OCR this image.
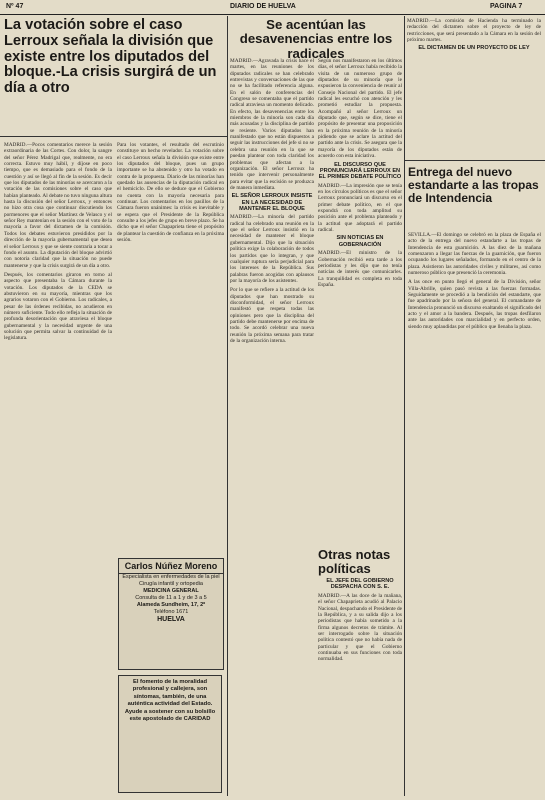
Nº 47	DIARIO DE HUELVA	PAGINA 7
La votación sobre el caso Lerroux señala la división que existe entre los diputados del bloque.-La crisis surgirá de un día a otro

MADRID.—Pocos comentarios merece la sesión extraordinaria de las Cortes. Con dolor, la sangre del señor Pérez Madrigal que, realmente, no era correcta. Estuvo muy hábil, y díjose en poco tiempo, que es demasiado para el fondo de la cuestión y así se llegó al fin de la sesión. Es decir que los diputados de las minorías se acercaron a la votación de las comisiones sobre el caso que habían planteado. Al debate no tuvo ninguna altura hasta la discusión del señor Lerroux, y entonces no hizo otra cosa que continuar discutiendo los pormenores que el señor Martínez de Velasco y el señor Rey mantenían en la sesión con el voto de la mayoría a favor del dictamen de la comisión. Todos los debates estuvieron presididos por la dirección de la mayoría gubernamental que desea el señor Lerroux y que se siente contraria a tocar a fondo el asunto. La diputación del bloque advirtió con notoria claridad que la situación no puede mantenerse y que la crisis surgirá de un día a otro.

Después, los comentarios giraron en torno al aspecto que presentaba la Cámara durante la votación. Los diputados de la CEDA se abstuvieron en su mayoría, mientras que los agrarios votaron con el Gobierno. Los radicales, a pesar de las órdenes recibidas, no acudieron en número suficiente. Todo ello refleja la situación de profunda desorientación que atraviesa el bloque gubernamental y la necesidad urgente de una solución que permita salvar la continuidad de la legislatura.

Para los votantes, el resultado del escrutinio constituye un hecho revelador. La votación sobre el caso Lerroux señala la división que existe entre los diputados del bloque, pues un grupo importante se ha abstenido y otro ha votado en contra de la propuesta. Diario de las minorías han quedado las ausencias de la diputación radical en el hemiciclo. De ello se deduce que el Gobierno no cuenta con la mayoría necesaria para continuar. Los comentarios en los pasillos de la Cámara fueron unánimes: la crisis es inevitable y se espera que el Presidente de la República consulte a los jefes de grupo en breve plazo. Se ha dicho que el señor Chapaprieta tiene el propósito de plantear la cuestión de confianza en la próxima sesión.

Carlos Núñez Moreno
Especialista en enfermedades de la piel
Cirugía infantil y ortopedia
MEDICINA GENERAL
Consulta de 11 a 1 y de 3 a 5
Alameda Sundheim, 17, 2º
Teléfono 1671
HUELVA
El fomento de la moralidad profesional y callejera, son síntomas, también, de una auténtica actividad del Estado. Ayude a sostener con su bolsillo este apostolado de CARIDAD
Se acentúan las desavenencias entre los radicales

MADRID.—Agravada la crisis hace el martes, en las reuniones de los diputados radicales se han celebrado entrevistas y conversaciones de las que no se ha facilitado referencia alguna. En el salón de conferencias del Congreso se comentaba que el partido radical atraviesa un momento delicado. En efecto, las desavenencias entre los miembros de la minoría son cada día más acusadas y la disciplina de partido se resiente. Varios diputados han manifestado que no están dispuestos a seguir las instrucciones del jefe si no se celebra una reunión en la que se puedan plantear con toda claridad los problemas que afectan a la organización. El señor Lerroux ha tenido que intervenir personalmente para evitar que la escisión se produzca de manera inmediata.

EL SEÑOR LERROUX INSISTE EN LA NECESIDAD DE MANTENER EL BLOQUE

MADRID.—La minoría del partido radical ha celebrado una reunión en la que el señor Lerroux insistió en la necesidad de mantener el bloque gubernamental. Dijo que la situación política exige la colaboración de todos los partidos que lo integran, y que cualquier ruptura sería perjudicial para los intereses de la República. Sus palabras fueron acogidas con aplausos por la mayoría de los asistentes.

Por lo que se refiere a la actitud de los diputados que han mostrado su disconformidad, el señor Lerroux manifestó que respeta todas las opiniones pero que la disciplina del partido debe mantenerse por encima de todo. Se acordó celebrar una nueva reunión la próxima semana para tratar de la organización interna.

Según nos manifestaron en los últimos días, el señor Lerroux había recibido la visita de un numeroso grupo de diputados de su minoría que le expusieron la conveniencia de reunir al Consejo Nacional del partido. El jefe radical les escuchó con atención y les prometió estudiar la propuesta. Acompañó al señor Lerroux un diputado que, según se dice, tiene el propósito de presentar una proposición en la próxima reunión de la minoría pidiendo que se aclare la actitud del partido ante la crisis. Se asegura que la mayoría de los diputados están de acuerdo con esta iniciativa.

EL DISCURSO QUE PRONUNCIARÁ LERROUX EN EL PRIMER DEBATE POLÍTICO

MADRID.—La impresión que se tenía en los círculos políticos es que el señor Lerroux pronunciará un discurso en el primer debate político, en el que expondrá con toda amplitud su posición ante el problema planteado y la actitud que adoptará el partido radical.

SIN NOTICIAS EN GOBERNACIÓN

MADRID.—El ministro de la Gobernación recibió esta tarde a los periodistas y les dijo que no tenía noticias de interés que comunicarles. La tranquilidad es completa en toda España.

Otras notas políticas

EL JEFE DEL GOBIERNO DESPACHA CON S. E.

MADRID.—A las doce de la mañana, el señor Chapaprieta acudió al Palacio Nacional, despachando el Presidente de la República, y a su salida dijo a los periodistas que había sometido a la firma algunos decretos de trámite. Al ser interrogado sobre la situación política contestó que no había nada de particular y que el Gobierno continuaba en sus funciones con toda normalidad.

MADRID.—La comisión de Hacienda ha terminado la redacción del dictamen sobre el proyecto de ley de restricciones, que será presentado a la Cámara en la sesión del próximo martes.

EL DICTAMEN DE UN PROYECTO DE LEY

Entrega del nuevo estandarte a las tropas de Intendencia

SEVILLA.—El domingo se celebró en la plaza de España el acto de la entrega del nuevo estandarte a las tropas de Intendencia de esta guarnición. A las diez de la mañana comenzaron a llegar las fuerzas de la guarnición, que fueron ocupando los lugares señalados, formando en el centro de la plaza. Asistieron las autoridades civiles y militares, así como numeroso público que presenció la ceremonia.

A las once en punto llegó el general de la División, señor Villa-Abrille, quien pasó revista a las fuerzas formadas. Seguidamente se procedió a la bendición del estandarte, que fue apadrinado por la señora del general. El comandante de Intendencia pronunció un discurso exaltando el significado del acto y el amor a la bandera. Después, las tropas desfilaron ante las autoridades con marcialidad y en perfecto orden, siendo muy aplaudidas por el público que llenaba la plaza.
